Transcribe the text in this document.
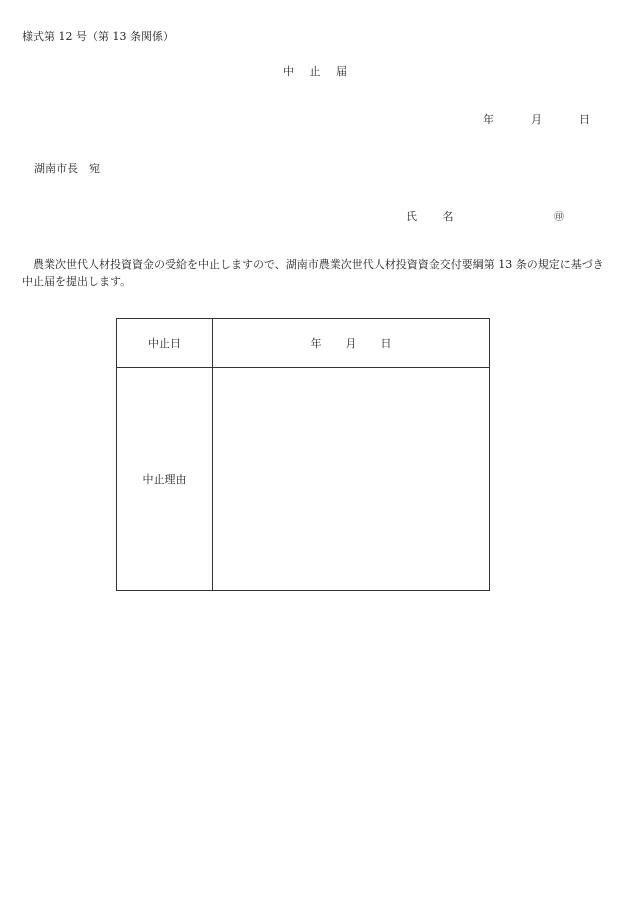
様式第 12 号（第 13 条関係）
中 止 届
年	月	日
湖南市長　宛
氏 名	㊞
農業次世代人材投資資金の受給を中止しますので、湖南市農業次世代人材投資資金交付要綱第 13 条の規定に基づき中止届を提出します。
中止日	年 月 日
中止理由
